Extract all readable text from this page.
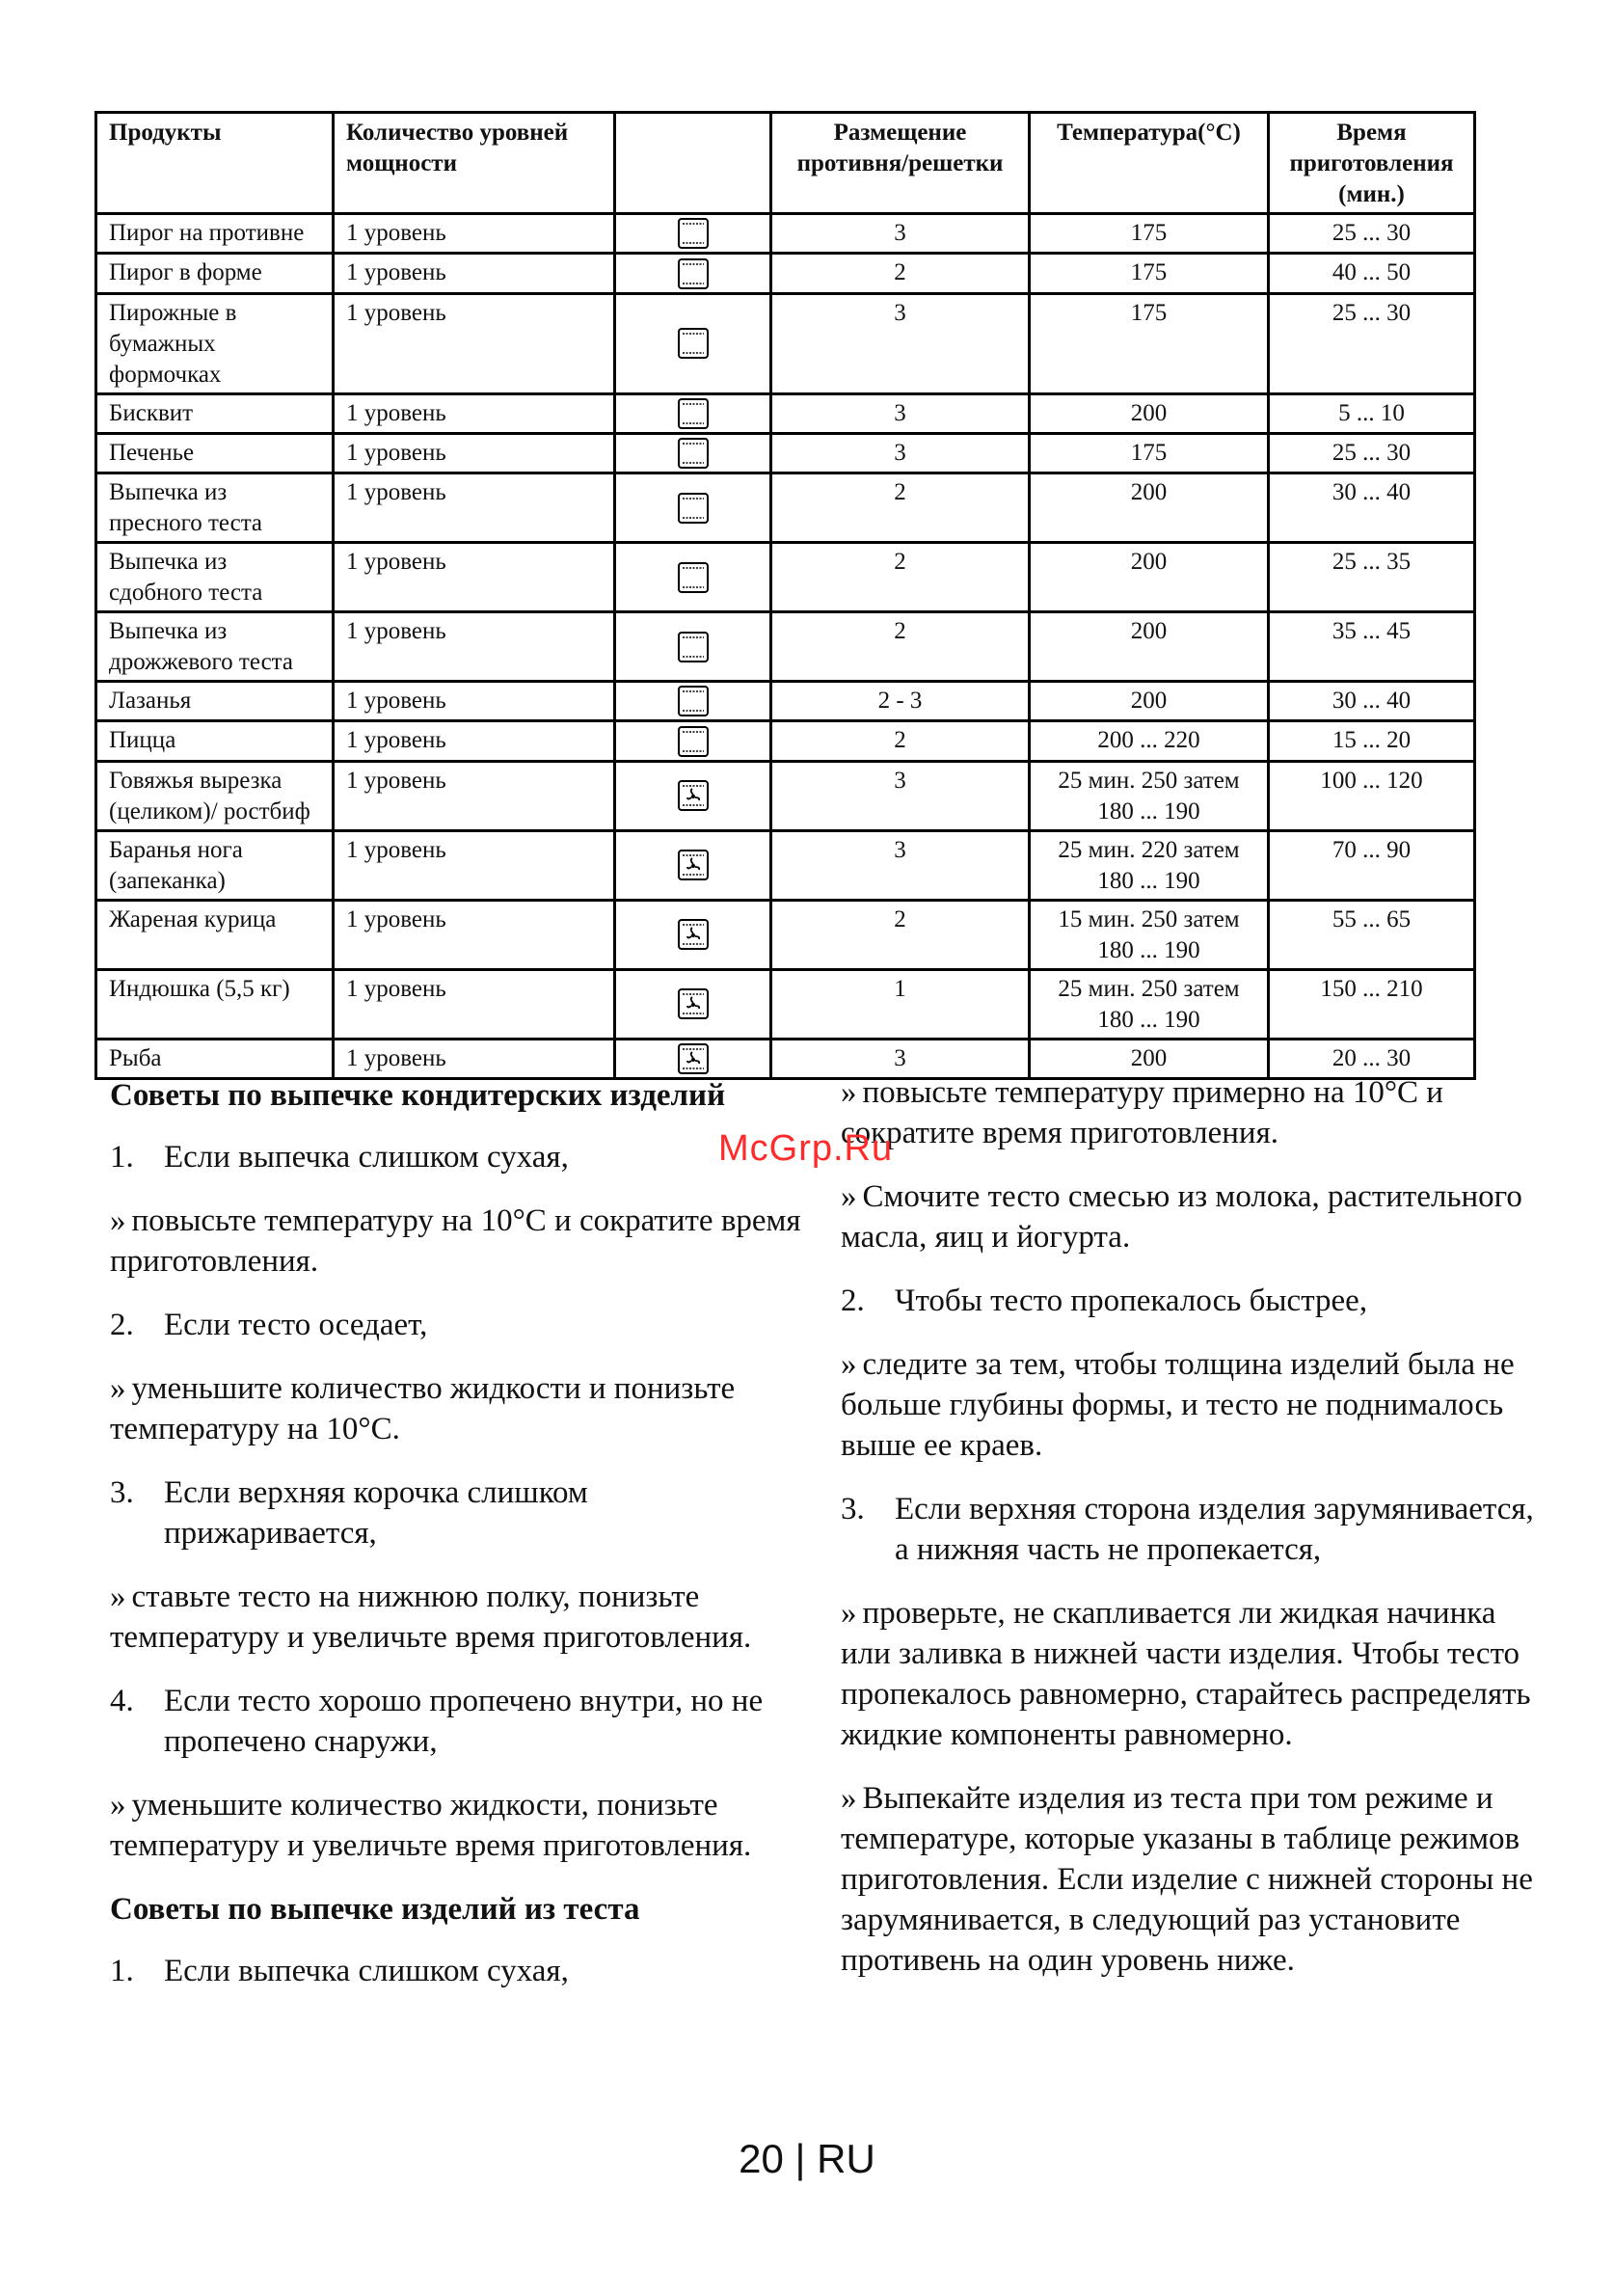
Продукты	Количество уровней мощности		Размещение противня/решетки	Температура(°С)	Время приготовления (мин.)
Пирог на противне	1 уровень		3	175	25 ... 30
Пирог в форме	1 уровень		2	175	40 ... 50
Пирожные в бумажных формочках	1 уровень		3	175	25 ... 30
Бисквит	1 уровень		3	200	5 ... 10
Печенье	1 уровень		3	175	25 ... 30
Выпечка из пресного теста	1 уровень		2	200	30 ... 40
Выпечка из сдобного теста	1 уровень		2	200	25 ... 35
Выпечка из дрожжевого теста	1 уровень		2	200	35 ... 45
Лазанья	1 уровень		2 - 3	200	30 ... 40
Пицца	1 уровень		2	200 ... 220	15 ... 20
Говяжья вырезка (целиком)/ ростбиф	1 уровень		3	25 мин. 250 затем 180 ... 190	100 ... 120
Баранья нога (запеканка)	1 уровень		3	25 мин. 220 затем 180 ... 190	70 ... 90
Жареная курица	1 уровень		2	15 мин. 250 затем 180 ... 190	55 ... 65
Индюшка (5,5 кг)	1 уровень		1	25 мин. 250 затем 180 ... 190	150 ... 210
Рыба	1 уровень		3	200	20 ... 30
Советы по выпечке кондитерских изделий
1. Если выпечка слишком сухая,

» повысьте температуру на 10°С и сократите время приготовления.

2. Если тесто оседает,

» уменьшите количество жидкости и понизьте температуру на 10°С.

3. Если верхняя корочка слишком прижаривается,

» ставьте тесто на нижнюю полку, понизьте температуру и увеличьте время приготовления.

4. Если тесто хорошо пропечено внутри, но не пропечено снаружи,

» уменьшите количество жидкости, понизьте температуру и увеличьте время приготовления.

Советы по выпечке изделий из теста
1. Если выпечка слишком сухая,

» повысьте температуру примерно на 10°С и сократите время приготовления.

» Смочите тесто смесью из молока, растительного масла, яиц и йогурта.

2. Чтобы тесто пропекалось быстрее,

» следите за тем, чтобы толщина изделий была не больше глубины формы, и тесто не поднималось выше ее краев.

3. Если верхняя сторона изделия зарумянивается, а нижняя часть не пропекается,

» проверьте, не скапливается ли жидкая начинка или заливка в нижней части изделия. Чтобы тесто пропекалось равномерно, старайтесь распределять жидкие компоненты равномерно.

» Выпекайте изделия из теста при том режиме и температуре, которые указаны в таблице режимов приготовления. Если изделие с нижней стороны не зарумянивается, в следующий раз установите противень на один уровень ниже.

McGrp.Ru
20 | RU
